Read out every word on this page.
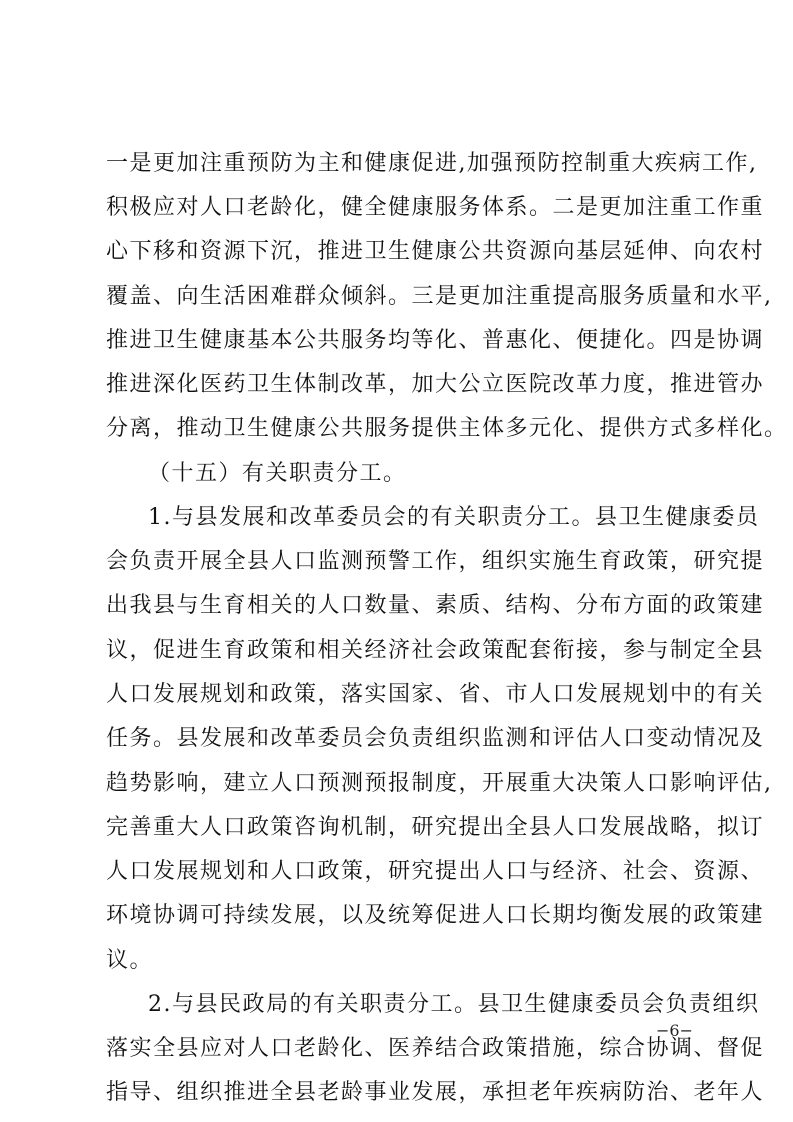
一是更加注重预防为主和健康促进,加强预防控制重大疾病工作,
积极应对人口老龄化，健全健康服务体系。二是更加注重工作重
心下移和资源下沉，推进卫生健康公共资源向基层延伸、向农村
覆盖、向生活困难群众倾斜。三是更加注重提高服务质量和水平,
推进卫生健康基本公共服务均等化、普惠化、便捷化。四是协调
推进深化医药卫生体制改革，加大公立医院改革力度，推进管办
分离，推动卫生健康公共服务提供主体多元化、提供方式多样化。
（十五）有关职责分工。
1.与县发展和改革委员会的有关职责分工。县卫生健康委员
会负责开展全县人口监测预警工作，组织实施生育政策，研究提
出我县与生育相关的人口数量、素质、结构、分布方面的政策建
议，促进生育政策和相关经济社会政策配套衔接，参与制定全县
人口发展规划和政策，落实国家、省、市人口发展规划中的有关
任务。县发展和改革委员会负责组织监测和评估人口变动情况及
趋势影响，建立人口预测预报制度，开展重大决策人口影响评估,
完善重大人口政策咨询机制，研究提出全县人口发展战略，拟订
人口发展规划和人口政策，研究提出人口与经济、社会、资源、
环境协调可持续发展，以及统筹促进人口长期均衡发展的政策建
议。
2.与县民政局的有关职责分工。县卫生健康委员会负责组织
落实全县应对人口老龄化、医养结合政策措施，综合协调、督促
指导、组织推进全县老龄事业发展，承担老年疾病防治、老年人
−6−
